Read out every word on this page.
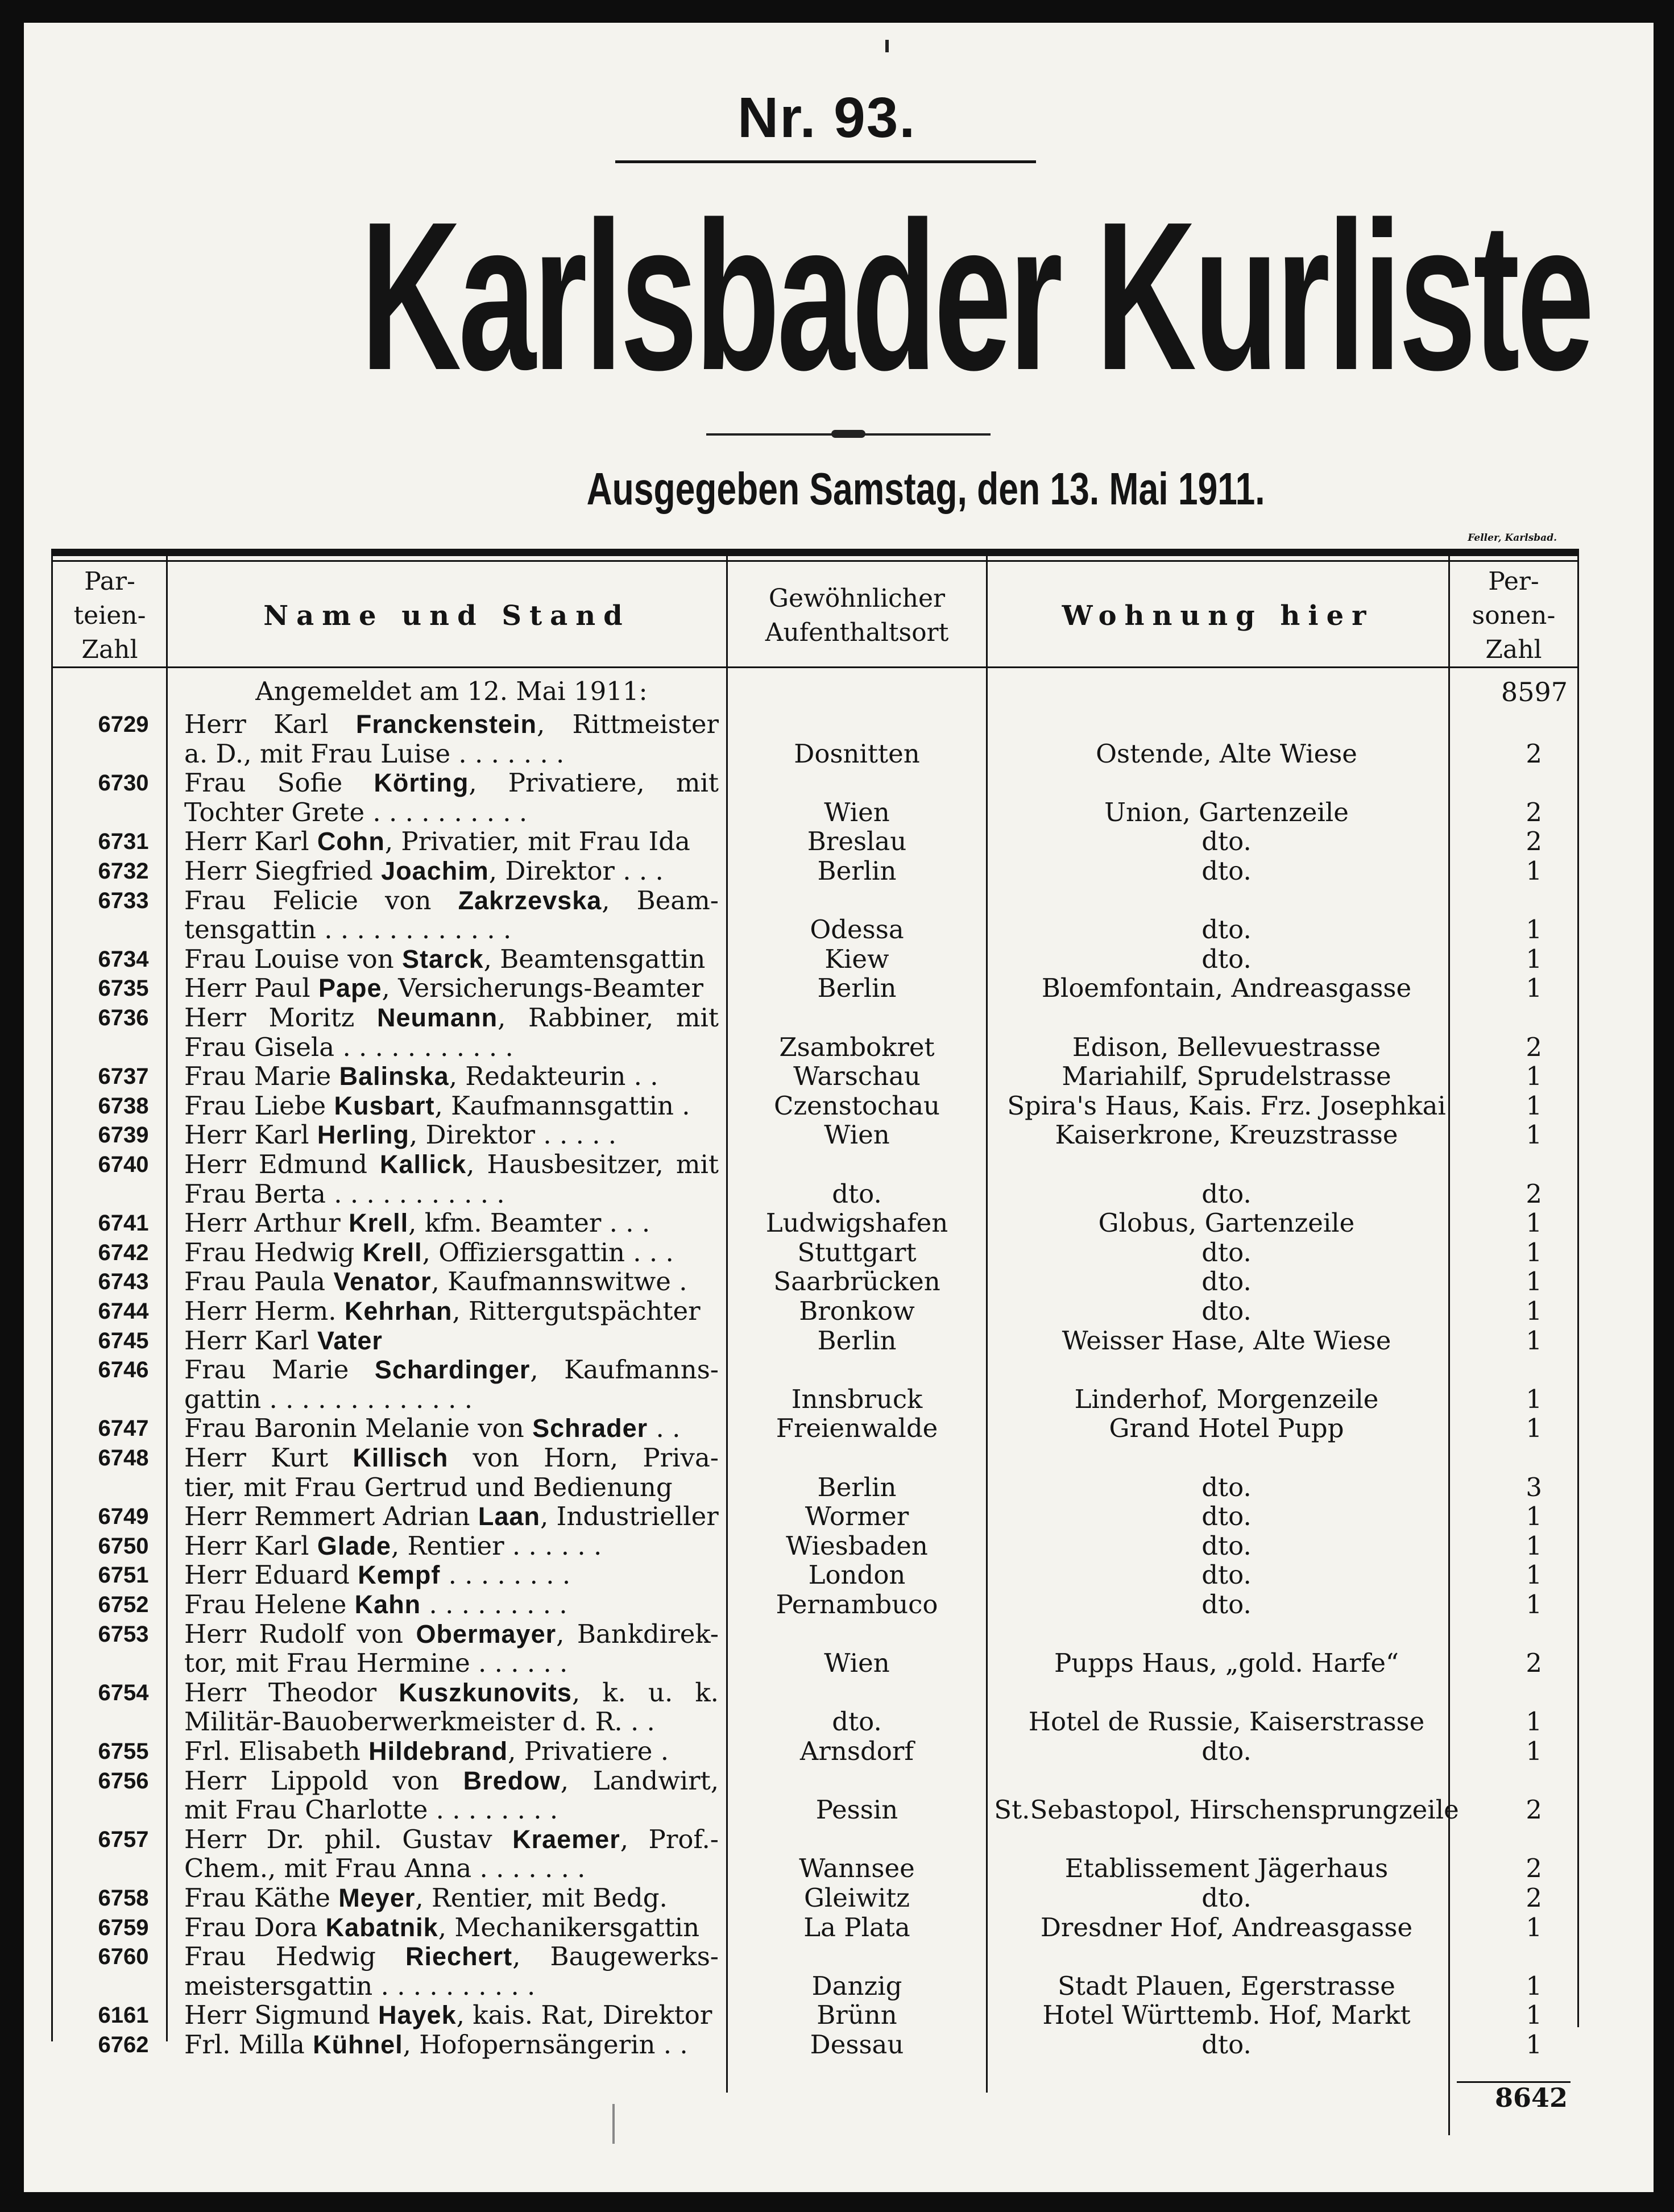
Nr. 93.
Karlsbader Kurliste
Ausgegeben Samstag, den 13. Mai 1911.
Feller, Karlsbad.
Par-
teien-
Zahl
Name und Stand
Gewöhnlicher
Aufenthaltsort
Wohnung hier
Per-
sonen-
Zahl
Angemeldet am 12. Mai 1911:	8597
6729	Herr Karl Franckenstein, Rittmeister
a. D., mit Frau Luise . . . . . . .	Dosnitten	Ostende, Alte Wiese	2
6730	Frau Sofie Körting, Privatiere, mit
Tochter Grete . . . . . . . . . .	Wien	Union, Gartenzeile	2
6731	Herr Karl Cohn, Privatier, mit Frau Ida	Breslau	dto.	2
6732	Herr Siegfried Joachim, Direktor . . .	Berlin	dto.	1
6733	Frau Felicie von Zakrzevska, Beam-
tensgattin . . . . . . . . . . . .	Odessa	dto.	1
6734	Frau Louise von Starck, Beamtensgattin	Kiew	dto.	1
6735	Herr Paul Pape, Versicherungs-Beamter	Berlin	Bloemfontain, Andreasgasse	1
6736	Herr Moritz Neumann, Rabbiner, mit
Frau Gisela . . . . . . . . . . .	Zsambokret	Edison, Bellevuestrasse	2
6737	Frau Marie Balinska, Redakteurin . .	Warschau	Mariahilf, Sprudelstrasse	1
6738	Frau Liebe Kusbart, Kaufmannsgattin .	Czenstochau	Spira's Haus, Kais. Frz. Josephkai	1
6739	Herr Karl Herling, Direktor . . . . .	Wien	Kaiserkrone, Kreuzstrasse	1
6740	Herr Edmund Kallick, Hausbesitzer, mit
Frau Berta . . . . . . . . . . .	dto.	dto.	2
6741	Herr Arthur Krell, kfm. Beamter . . .	Ludwigshafen	Globus, Gartenzeile	1
6742	Frau Hedwig Krell, Offiziersgattin . . .	Stuttgart	dto.	1
6743	Frau Paula Venator, Kaufmannswitwe .	Saarbrücken	dto.	1
6744	Herr Herm. Kehrhan, Rittergutspächter	Bronkow	dto.	1
6745	Herr Karl Vater	Berlin	Weisser Hase, Alte Wiese	1
6746	Frau Marie Schardinger, Kaufmanns-
gattin . . . . . . . . . . . . .	Innsbruck	Linderhof, Morgenzeile	1
6747	Frau Baronin Melanie von Schrader . .	Freienwalde	Grand Hotel Pupp	1
6748	Herr Kurt Killisch von Horn, Priva-
tier, mit Frau Gertrud und Bedienung	Berlin	dto.	3
6749	Herr Remmert Adrian Laan, Industrieller	Wormer	dto.	1
6750	Herr Karl Glade, Rentier . . . . . .	Wiesbaden	dto.	1
6751	Herr Eduard Kempf . . . . . . . .	London	dto.	1
6752	Frau Helene Kahn . . . . . . . . .	Pernambuco	dto.	1
6753	Herr Rudolf von Obermayer, Bankdirek-
tor, mit Frau Hermine . . . . . .	Wien	Pupps Haus, „gold. Harfe“	2
6754	Herr Theodor Kuszkunovits, k. u. k.
Militär-Bauoberwerkmeister d. R. . .	dto.	Hotel de Russie, Kaiserstrasse	1
6755	Frl. Elisabeth Hildebrand, Privatiere .	Arnsdorf	dto.	1
6756	Herr Lippold von Bredow, Landwirt,
mit Frau Charlotte . . . . . . . .	Pessin	St.Sebastopol, Hirschensprungzeile	2
6757	Herr Dr. phil. Gustav Kraemer, Prof.-
Chem., mit Frau Anna . . . . . . .	Wannsee	Etablissement Jägerhaus	2
6758	Frau Käthe Meyer, Rentier, mit Bedg.	Gleiwitz	dto.	2
6759	Frau Dora Kabatnik, Mechanikersgattin	La Plata	Dresdner Hof, Andreasgasse	1
6760	Frau Hedwig Riechert, Baugewerks-
meistersgattin . . . . . . . . . .	Danzig	Stadt Plauen, Egerstrasse	1
6161	Herr Sigmund Hayek, kais. Rat, Direktor	Brünn	Hotel Württemb. Hof, Markt	1
6762	Frl. Milla Kühnel, Hofopernsängerin . .	Dessau	dto.	1
8642
